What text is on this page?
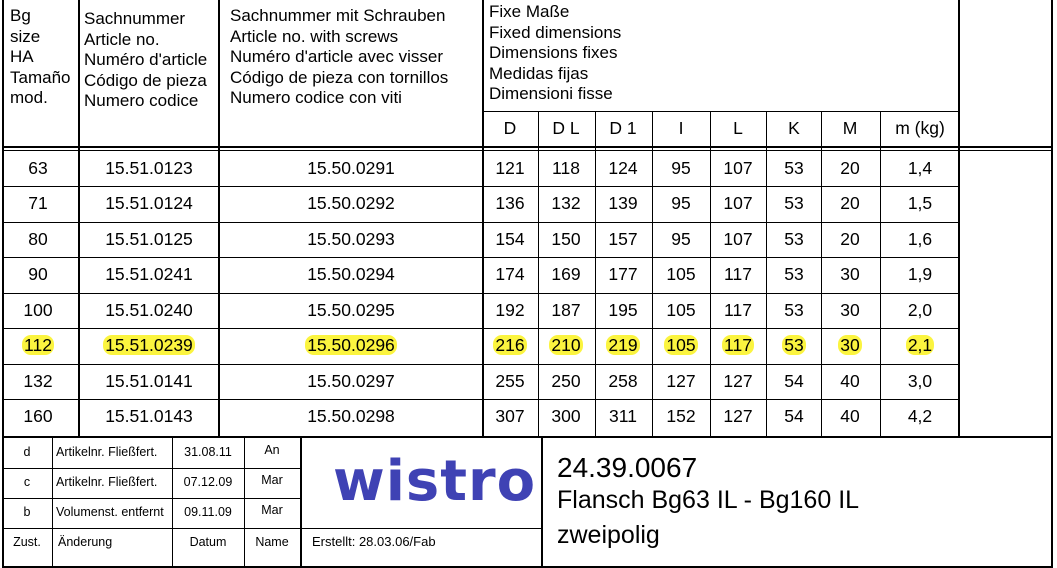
Bg
size
HA
Tamaño
mod.
Sachnummer
Article no.
Numéro d'article
Código de pieza
Numero codice
Sachnummer mit Schrauben
Article no. with screws
Numéro d'article avec visser
Código de pieza con tornillos
Numero codice con viti
Fixe Maße
Fixed dimensions
Dimensions fixes
Medidas fijas
Dimensioni fisse
wistro
Erstellt: 28.03.06/Fab
24.39.0067
Flansch Bg63 IL - Bg160 IL
zweipolig
D	D L	D 1	I	L	K	M	m (kg)
63	15.51.0123	15.50.0291	121	118	124	95	107	53	20	1,4
71	15.51.0124	15.50.0292	136	132	139	95	107	53	20	1,5
80	15.51.0125	15.50.0293	154	150	157	95	107	53	20	1,6
90	15.51.0241	15.50.0294	174	169	177	105	117	53	30	1,9
100	15.51.0240	15.50.0295	192	187	195	105	117	53	30	2,0
112	15.51.0239	15.50.0296	216	210	219	105	117	53	30	2,1
132	15.51.0141	15.50.0297	255	250	258	127	127	54	40	3,0
160	15.51.0143	15.50.0298	307	300	311	152	127	54	40	4,2
d	Artikelnr. Fließfert.	31.08.11	An
c	Artikelnr. Fließfert.	07.12.09	Mar
b	Volumenst. entfernt	09.11.09	Mar
Zust.	Änderung	Datum	Name
